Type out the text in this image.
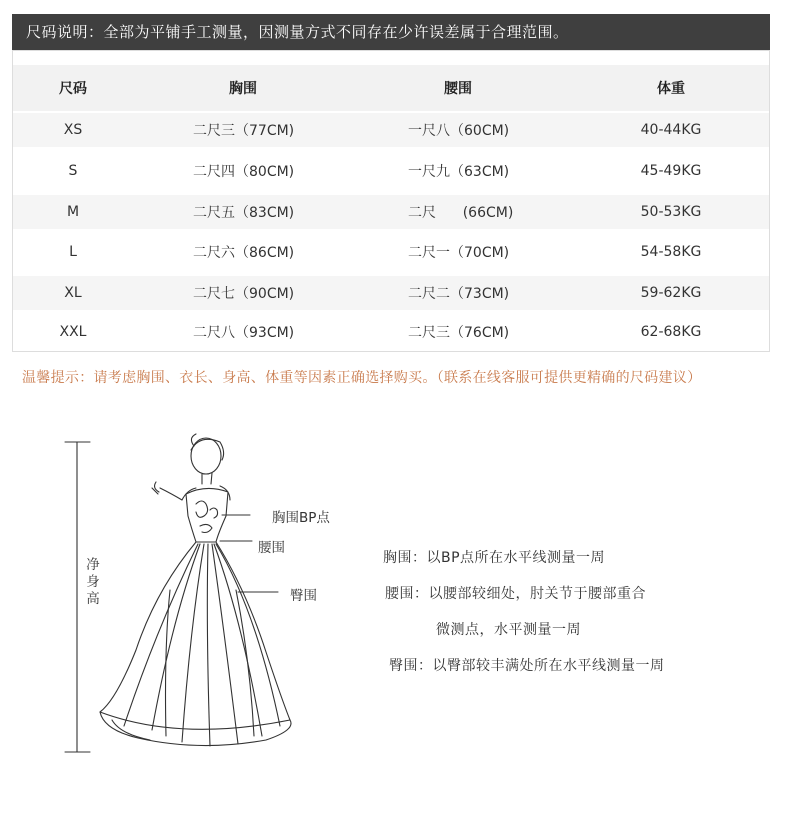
尺码说明：全部为平铺手工测量，因测量方式不同存在少许误差属于合理范围。
尺码	胸围	腰围	体重
XS	二尺三（77CM)	一尺八（60CM)	40-44KG
S	二尺四（80CM)	一尺九（63CM)	45-49KG
M	二尺五（83CM)	二尺      (66CM)	50-53KG
L	二尺六（86CM)	二尺一（70CM)	54-58KG
XL	二尺七（90CM)	二尺二（73CM)	59-62KG
XXL	二尺八（93CM)	二尺三（76CM)	62-68KG
温馨提示：请考虑胸围、衣长、身高、体重等因素正确选择购买。（联系在线客服可提供更精确的尺码建议）
净身高
胸围BP点
腰围
臀围
胸围：以BP点所在水平线测量一周
腰围：以腰部较细处，肘关节于腰部重合
微测点，水平测量一周
臀围：以臀部较丰满处所在水平线测量一周
